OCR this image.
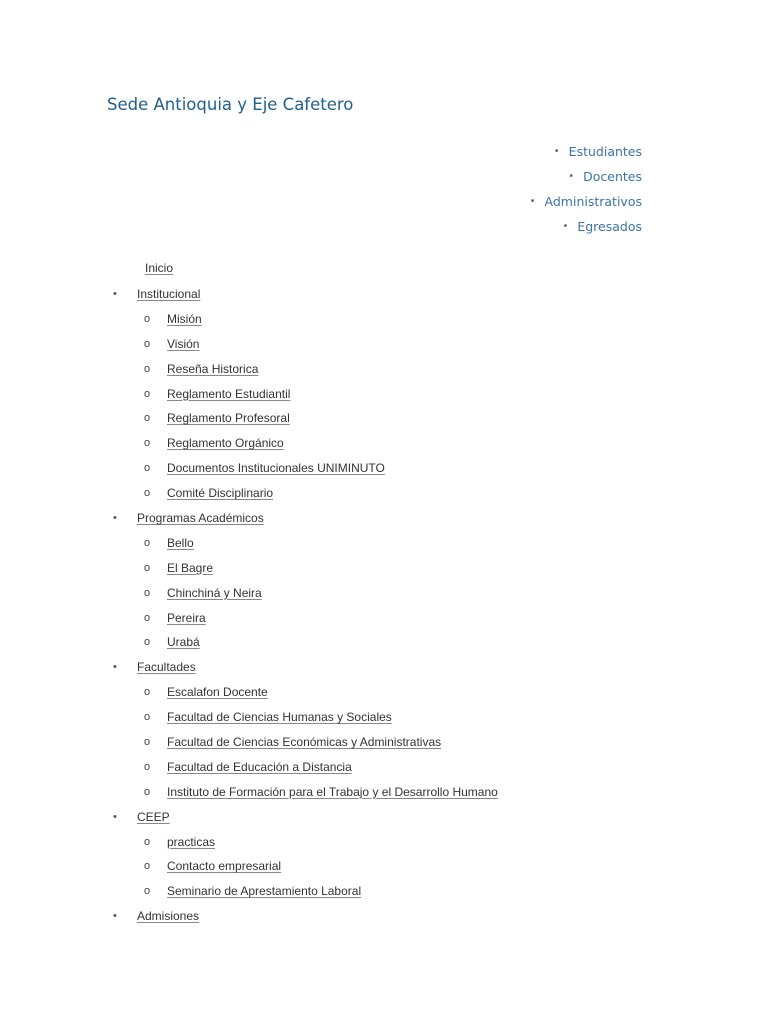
Sede Antioquia y Eje Cafetero
• Estudiantes
• Docentes
• Administrativos
• Egresados
Inicio
•	Institucional
o	Misión
o	Visión
o	Reseña Historica
o	Reglamento Estudiantil
o	Reglamento Profesoral
o	Reglamento Orgánico
o	Documentos Institucionales UNIMINUTO
o	Comité Disciplinario
•	Programas Académicos
o	Bello
o	El Bagre
o	Chinchiná y Neira
o	Pereira
o	Urabá
•	Facultades
o	Escalafon Docente
o	Facultad de Ciencias Humanas y Sociales
o	Facultad de Ciencias Económicas y Administrativas
o	Facultad de Educación a Distancia
o	Instituto de Formación para el Trabajo y el Desarrollo Humano
•	CEEP
o	practicas
o	Contacto empresarial
o	Seminario de Aprestamiento Laboral
•	Admisiones
